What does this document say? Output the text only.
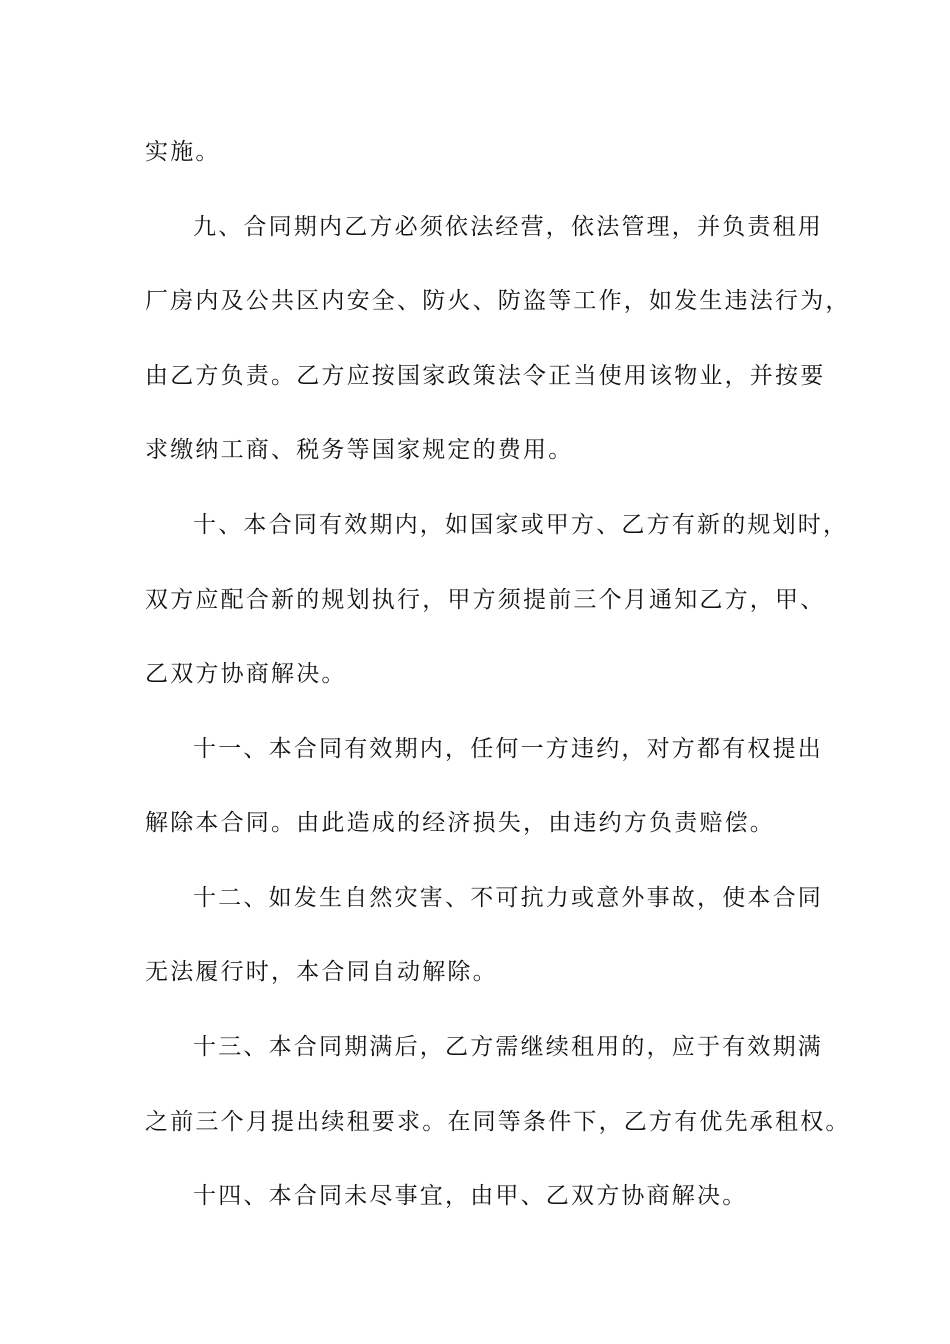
实施。
九、合同期内乙方必须依法经营，依法管理，并负责租用
厂房内及公共区内安全、防火、防盗等工作，如发生违法行为，
由乙方负责。乙方应按国家政策法令正当使用该物业，并按要
求缴纳工商、税务等国家规定的费用。
十、本合同有效期内，如国家或甲方、乙方有新的规划时，
双方应配合新的规划执行，甲方须提前三个月通知乙方，甲、
乙双方协商解决。
十一、本合同有效期内，任何一方违约，对方都有权提出
解除本合同。由此造成的经济损失，由违约方负责赔偿。
十二、如发生自然灾害、不可抗力或意外事故，使本合同
无法履行时，本合同自动解除。
十三、本合同期满后，乙方需继续租用的，应于有效期满
之前三个月提出续租要求。在同等条件下，乙方有优先承租权。
十四、本合同未尽事宜，由甲、乙双方协商解决。
